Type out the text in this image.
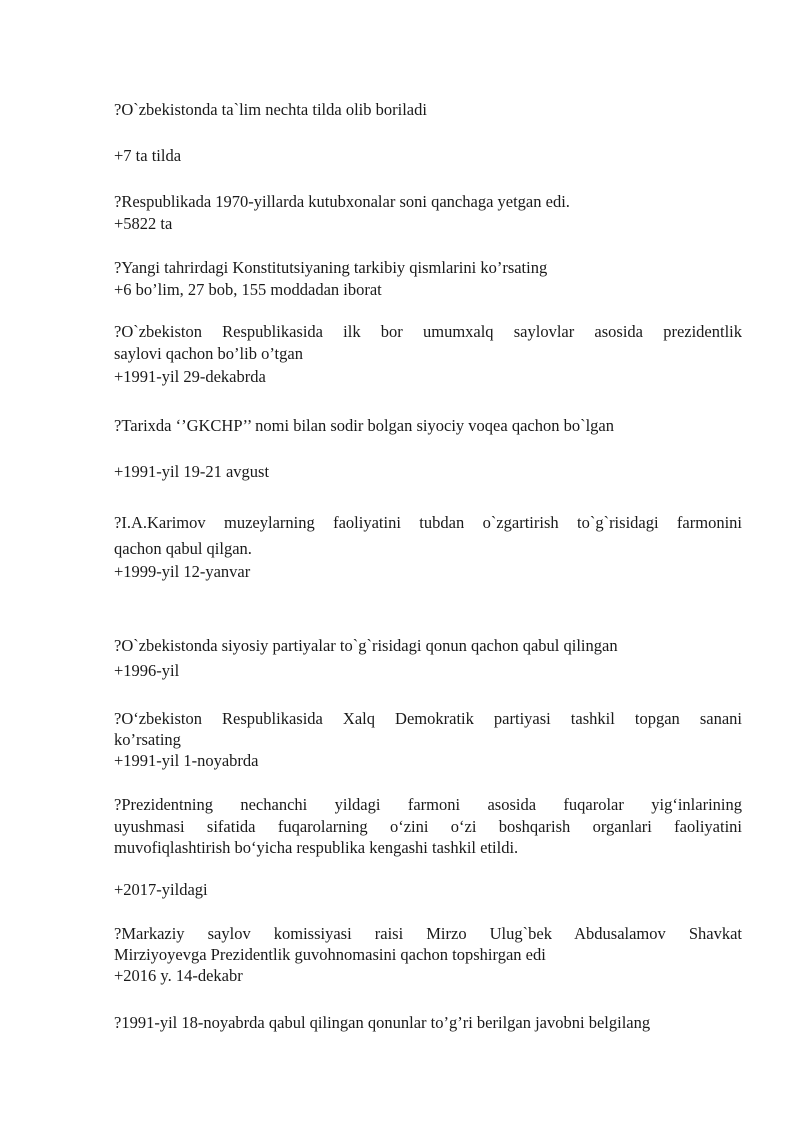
?O`zbekistonda ta`lim nechta tilda olib boriladi
+7 ta tilda
?Respublikada 1970-yillarda kutubxonalar soni qanchaga yetgan edi.
+5822 ta
?Yangi tahrirdagi Konstitutsiyaning tarkibiy qismlarini ko’rsating
+6 bo’lim, 27 bob, 155 moddadan iborat
?O`zbekiston Respublikasida ilk bor umumxalq saylovlar asosida prezidentlik
saylovi qachon bo’lib o’tgan
+1991-yil 29-dekabrda
?Tarixda ‘’GKCHP’’ nomi bilan sodir bolgan siyociy voqea qachon bo`lgan
+1991-yil 19-21 avgust
?I.A.Karimov muzeylarning faoliyatini tubdan o`zgartirish to`g`risidagi farmonini
qachon qabul qilgan.
+1999-yil 12-yanvar
?O`zbekistonda siyosiy partiyalar to`g`risidagi qonun qachon qabul qilingan
+1996-yil
?O‘zbekiston Respublikasida Xalq Demokratik partiyasi tashkil topgan sanani
ko’rsating
+1991-yil 1-noyabrda
?Prezidentning nechanchi yildagi farmoni asosida fuqarolar yig‘inlarining
uyushmasi sifatida fuqarolarning o‘zini o‘zi boshqarish organlari faoliyatini
muvofiqlashtirish bo‘yicha respublika kengashi tashkil etildi.
+2017-yildagi
?Markaziy saylov komissiyasi raisi Mirzo Ulug`bek Abdusalamov Shavkat
Mirziyoyevga Prezidentlik guvohnomasini qachon topshirgan edi
+2016 y. 14-dekabr
?1991-yil 18-noyabrda qabul qilingan qonunlar to’g’ri berilgan javobni belgilang
